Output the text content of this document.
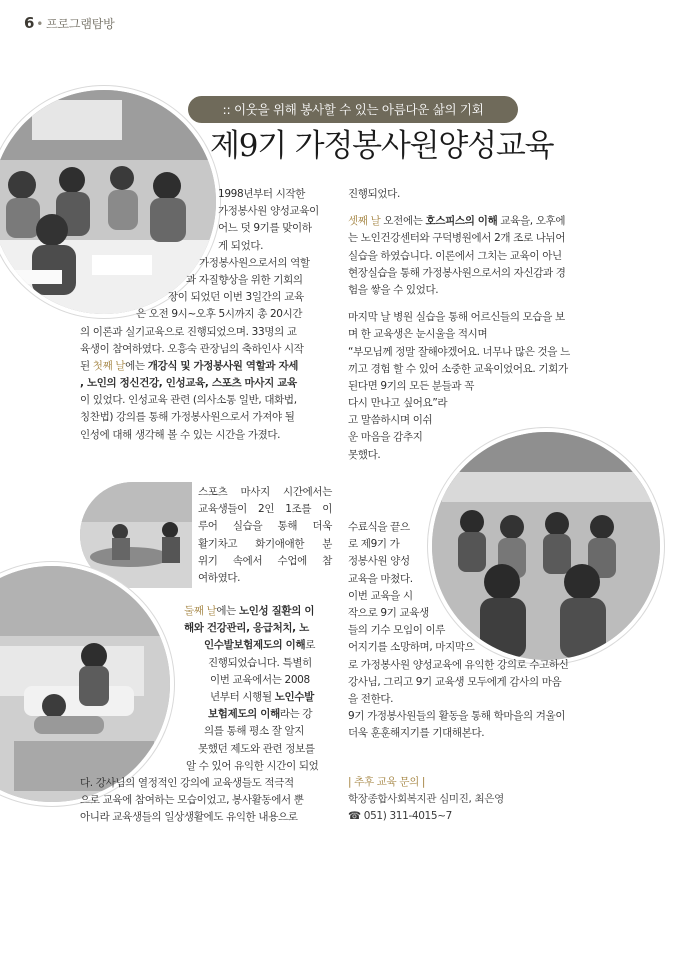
6 • 프로그램탐방
:: 이웃을 위해 봉사할 수 있는 아름다운 삶의 기회
제9기 가정봉사원양성교육
1998년부터 시작한
가정봉사원 양성교육이
어느 덧 9기를 맞이하
게 되었다.
가정봉사원으로서의 역할
과 자질향상을 위한 기회의
장이 되었던 이번 3일간의 교육
은 오전 9시~오후 5시까지 총 20시간
의 이론과 실기교육으로 진행되었으며. 33명의 교
육생이 참여하였다. 오흥숙 관장님의 축하인사 시작
된 첫째 날에는 개강식 및 가정봉사원 역할과 자세
, 노인의 정신건강, 인성교육, 스포츠 마사지 교육
이 있었다. 인성교육 관련 (의사소통 일반, 대화법,
칭찬법) 강의를 통해 가정봉사원으로서 가져야 될
인성에 대해 생각해 볼 수 있는 시간을 가졌다.
스포츠 마사지 시간에서는
교육생들이 2인 1조를 이
루어 실습을 통해 더욱
활기차고 화기애애한 분
위기 속에서 수업에 참
여하였다.
둘째 날에는 노인성 질환의 이
해와 건강관리, 응급처치, 노
인수발보험제도의 이해로
진행되었습니다. 특별히
이번 교육에서는 2008
년부터 시행될 노인수발
보험제도의 이해라는 강
의를 통해 평소 잘 알지
못했던 제도와 관련 정보를
알 수 있어 유익한 시간이 되었
다. 강사님의 열정적인 강의에 교육생들도 적극적
으로 교육에 참여하는 모습이었고, 봉사활동에서 뿐
아니라 교육생들의 일상생활에도 유익한 내용으로
진행되었다.
셋째 날 오전에는 호스피스의 이해 교육을, 오후에
는 노인건강센터와 구덕병원에서 2개 조로 나뉘어
실습을 하였습니다. 이론에서 그치는 교육이 아닌
현장실습을 통해 가정봉사원으로서의 자신감과 경
험을 쌓을 수 있었다.
마지막 날 병원 실습을 통해 어르신들의 모습을 보
며 한 교육생은 눈시울을 적시며
“부모님께 정말 잘해야겠어요. 너무나 많은 것을 느
끼고 경험 할 수 있어 소중한 교육이었어요. 기회가
된다면 9기의 모든 분들과 꼭
다시 만나고 싶어요”라
고 말씀하시며 이쉬
운 마음을 감추지
못했다.
수료식을 끝으
로 제9기 가
정봉사원 양성
교육을 마쳤다.
이번 교육을 시
작으로 9기 교육생
들의 기수 모임이 이루
어지기를 소망하며, 마지막으
로 가정봉사원 양성교육에 유익한 강의로 수고하신
강사님, 그리고 9기 교육생 모두에게 감사의 마음
을 전한다.
9기 가정봉사원들의 활동을 통해 학마을의 겨울이
더욱 훈훈해지기를 기대해본다.
| 추후 교육 문의 |
학장종합사회복지관 심미진, 최은영
☎ 051) 311-4015~7
